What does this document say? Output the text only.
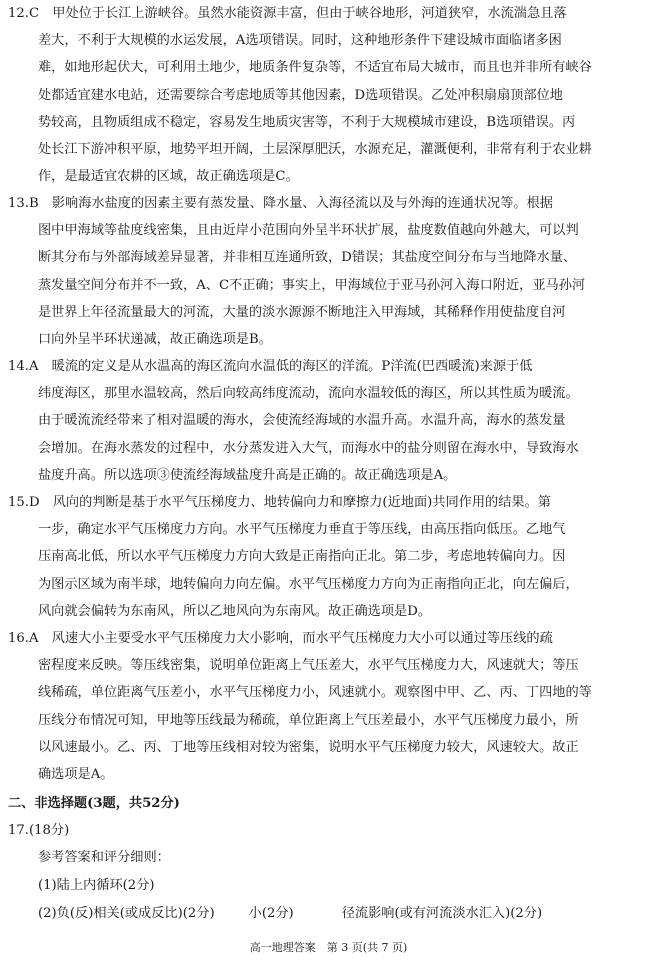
12.C　甲处位于长江上游峡谷。虽然水能资源丰富，但由于峡谷地形，河道狭窄，水流湍急且落
差大，不利于大规模的水运发展，A选项错误。同时，这种地形条件下建设城市面临诸多困
难，如地形起伏大，可利用土地少，地质条件复杂等，不适宜布局大城市，而且也并非所有峡谷
处都适宜建水电站，还需要综合考虑地质等其他因素，D选项错误。乙处冲积扇扇顶部位地
势较高，且物质组成不稳定，容易发生地质灾害等，不利于大规模城市建设，B选项错误。丙
处长江下游冲积平原，地势平坦开阔，土层深厚肥沃，水源充足，灌溉便利，非常有利于农业耕
作，是最适宜农耕的区域，故正确选项是C。
13.B　影响海水盐度的因素主要有蒸发量、降水量、入海径流以及与外海的连通状况等。根据
图中甲海域等盐度线密集，且由近岸小范围向外呈半环状扩展，盐度数值越向外越大，可以判
断其分布与外部海域差异显著，并非相互连通所致，D错误；其盐度空间分布与当地降水量、
蒸发量空间分布并不一致，A、C不正确；事实上，甲海域位于亚马孙河入海口附近，亚马孙河
是世界上年径流量最大的河流，大量的淡水源源不断地注入甲海域，其稀释作用使盐度自河
口向外呈半环状递减，故正确选项是B。
14.A　暖流的定义是从水温高的海区流向水温低的海区的洋流。P洋流(巴西暖流)来源于低
纬度海区，那里水温较高，然后向较高纬度流动，流向水温较低的海区，所以其性质为暖流。
由于暖流流经带来了相对温暖的海水，会使流经海域的水温升高。水温升高，海水的蒸发量
会增加。在海水蒸发的过程中，水分蒸发进入大气，而海水中的盐分则留在海水中，导致海水
盐度升高。所以选项③使流经海域盐度升高是正确的。故正确选项是A。
15.D　风向的判断是基于水平气压梯度力、地转偏向力和摩擦力(近地面)共同作用的结果。第
一步，确定水平气压梯度力方向。水平气压梯度力垂直于等压线，由高压指向低压。乙地气
压南高北低，所以水平气压梯度力方向大致是正南指向正北。第二步，考虑地转偏向力。因
为图示区域为南半球，地转偏向力向左偏。水平气压梯度力方向为正南指向正北，向左偏后，
风向就会偏转为东南风，所以乙地风向为东南风。故正确选项是D。
16.A　风速大小主要受水平气压梯度力大小影响，而水平气压梯度力大小可以通过等压线的疏
密程度来反映。等压线密集，说明单位距离上气压差大，水平气压梯度力大，风速就大；等压
线稀疏，单位距离气压差小，水平气压梯度力小，风速就小。观察图中甲、乙、丙、丁四地的等
压线分布情况可知，甲地等压线最为稀疏，单位距离上气压差最小，水平气压梯度力最小，所
以风速最小。乙、丙、丁地等压线相对较为密集，说明水平气压梯度力较大，风速较大。故正
确选项是A。
二、非选择题(3题，共52分)
17.(18分)
参考答案和评分细则：
(1)陆上内循环(2分)
(2)负(反)相关(或成反比)(2分)	小(2分)	径流影响(或有河流淡水汇入)(2分)
高一地理答案　第 3 页(共 7 页)
